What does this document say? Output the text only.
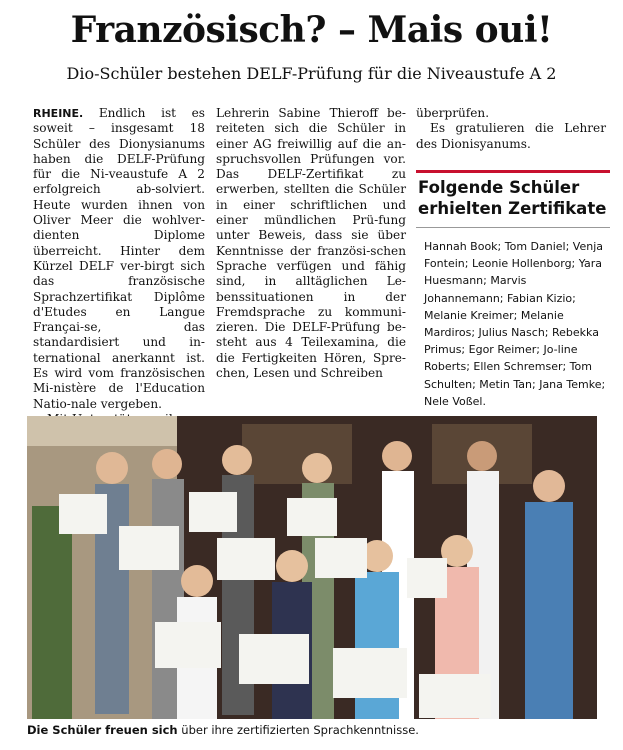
Französisch? – Mais oui!
Dio-Schüler bestehen DELF-Prüfung für die Niveaustufe A 2

RHEINE. Endlich ist es soweit – insgesamt 18 Schüler des Dionysianums haben die DELF-Prüfung für die Ni-veaustufe A 2 erfolgreich ab-solviert. Heute wurden ihnen von Oliver Meer die wohlver-dienten Diplome überreicht. Hinter dem Kürzel DELF ver-birgt sich das französische Sprachzertifikat Diplôme d'Etudes en Langue Françai-se, das standardisiert und in-ternational anerkannt ist. Es wird vom französischen Mi-nistère de l'Education Natio-nale vergeben.

Lehrerin Sabine Thieroff be-reiteten sich die Schüler in einer AG freiwillig auf die an-spruchsvollen Prüfungen vor. Das DELF-Zertifikat zu erwerben, stellten die Schüler in einer schriftlichen und einer mündlichen Prü-fung unter Beweis, dass sie über Kenntnisse der französi-schen Sprache verfügen und fähig sind, in alltäglichen Le-benssituationen in der Fremdsprache zu kommuni-zieren. Die DELF-Prüfung be-steht aus 4 Teilexamina, die die Fertigkeiten Hören, Spre-chen, Lesen und Schreiben

überprüfen.

Es gratulieren die Lehrer des Dionisyanums.

Folgende Schüler erhielten Zertifikate
Hannah Book; Tom Daniel; Venja Fontein; Leonie Hollenborg; Yara Huesmann; Marvis Johannemann; Fabian Kizio; Melanie Kreimer; Melanie Mardiros; Julius Nasch; Rebekka Primus; Egor Reimer; Jo-line Roberts; Ellen Schremser; Tom Schulten; Metin Tan; Jana Temke; Nele Voßel.
Die Schüler freuen sich über ihre zertifizierten Sprachkenntnisse.
